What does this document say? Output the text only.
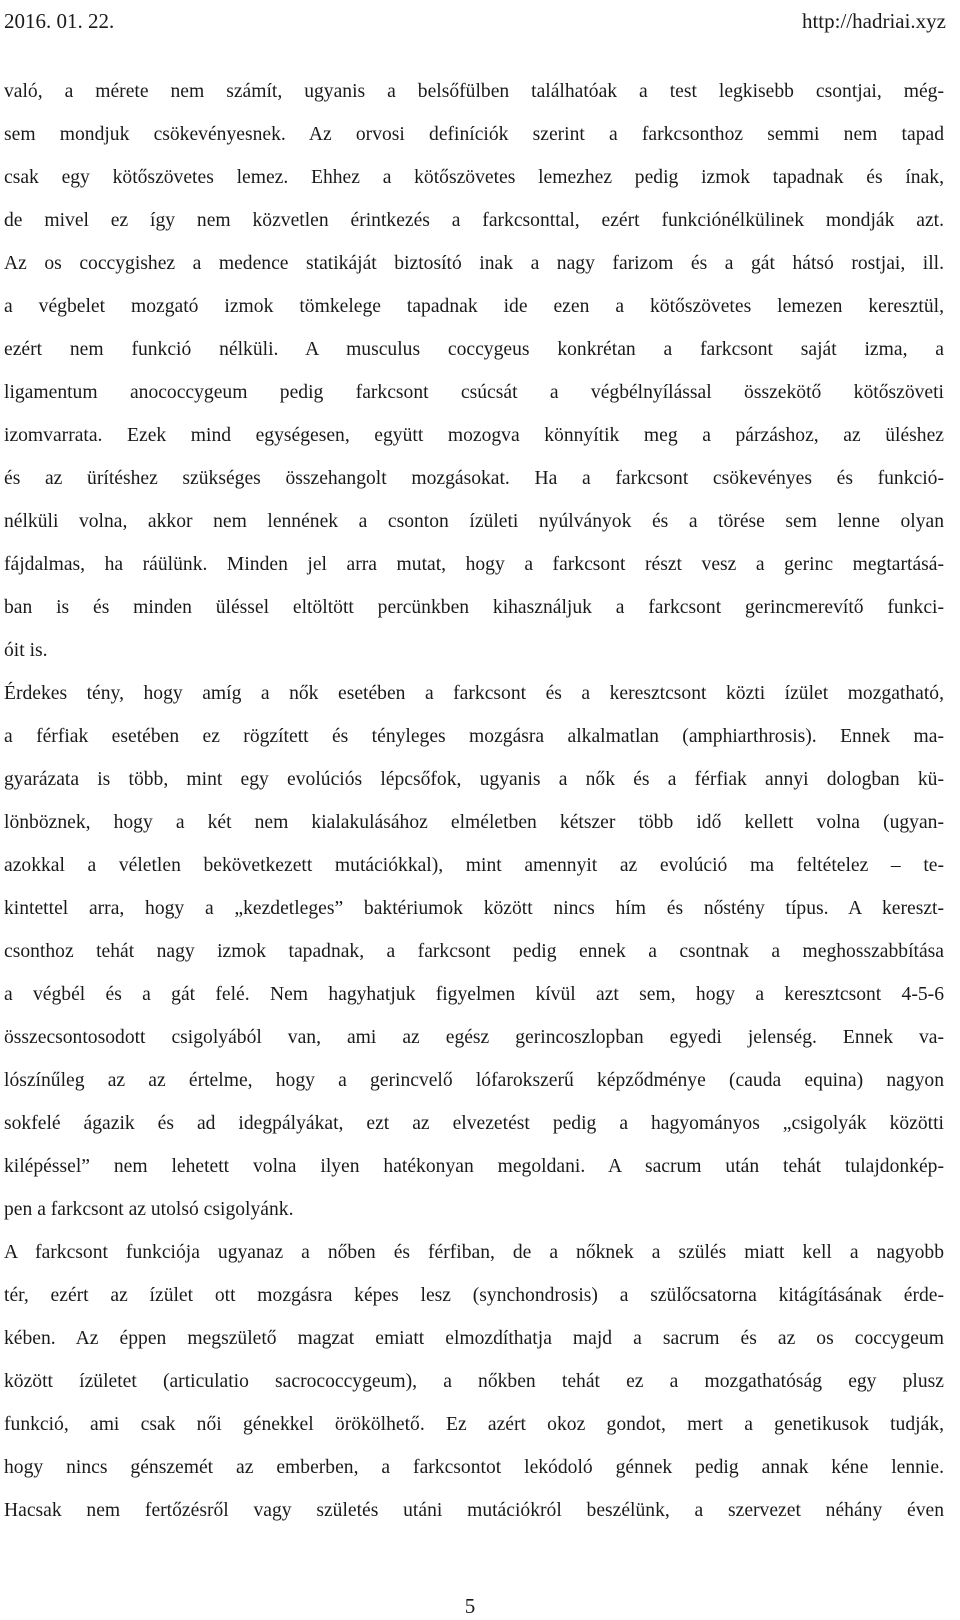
2016. 01. 22.	http://hadriai.xyz

való, a mérete nem számít, ugyanis a belsőfülben találhatóak a test legkisebb csontjai, még-
sem mondjuk csökevényesnek. Az orvosi definíciók szerint a farkcsonthoz semmi nem tapad
csak egy kötőszövetes lemez. Ehhez a kötőszövetes lemezhez pedig izmok tapadnak és ínak,
de mivel ez így nem közvetlen érintkezés a farkcsonttal, ezért funkciónélkülinek mondják azt.
Az os coccygishez a medence statikáját biztosító inak a nagy farizom és a gát hátsó rostjai, ill.
a végbelet mozgató izmok tömkelege tapadnak ide ezen a kötőszövetes lemezen keresztül,
ezért nem funkció nélküli. A musculus coccygeus konkrétan a farkcsont saját izma, a
ligamentum anococcygeum pedig farkcsont csúcsát a végbélnyílással összekötő kötőszöveti
izomvarrata. Ezek mind egységesen, együtt mozogva könnyítik meg a párzáshoz, az üléshez
és az ürítéshez szükséges összehangolt mozgásokat. Ha a farkcsont csökevényes és funkció-
nélküli volna, akkor nem lennének a csonton ízületi nyúlványok és a törése sem lenne olyan
fájdalmas, ha ráülünk. Minden jel arra mutat, hogy a farkcsont részt vesz a gerinc megtartásá-
ban is és minden üléssel eltöltött percünkben kihasználjuk a farkcsont gerincmerevítő funkci-
óit is.

Érdekes tény, hogy amíg a nők esetében a farkcsont és a keresztcsont közti ízület mozgatható,
a férfiak esetében ez rögzített és tényleges mozgásra alkalmatlan (amphiarthrosis). Ennek ma-
gyarázata is több, mint egy evolúciós lépcsőfok, ugyanis a nők és a férfiak annyi dologban kü-
lönböznek, hogy a két nem kialakulásához elméletben kétszer több idő kellett volna (ugyan-
azokkal a véletlen bekövetkezett mutációkkal), mint amennyit az evolúció ma feltételez – te-
kintettel arra, hogy a „kezdetleges” baktériumok között nincs hím és nőstény típus. A kereszt-
csonthoz tehát nagy izmok tapadnak, a farkcsont pedig ennek a csontnak a meghosszabbítása
a végbél és a gát felé. Nem hagyhatjuk figyelmen kívül azt sem, hogy a keresztcsont 4-5-6
összecsontosodott csigolyából van, ami az egész gerincoszlopban egyedi jelenség. Ennek va-
lószínűleg az az értelme, hogy a gerincvelő lófarokszerű képződménye (cauda equina) nagyon
sokfelé ágazik és ad idegpályákat, ezt az elvezetést pedig a hagyományos „csigolyák közötti
kilépéssel” nem lehetett volna ilyen hatékonyan megoldani. A sacrum után tehát tulajdonkép-
pen a farkcsont az utolsó csigolyánk.

A farkcsont funkciója ugyanaz a nőben és férfiban, de a nőknek a szülés miatt kell a nagyobb
tér, ezért az ízület ott mozgásra képes lesz (synchondrosis) a szülőcsatorna kitágításának érde-
kében. Az éppen megszülető magzat emiatt elmozdíthatja majd a sacrum és az os coccygeum
között ízületet (articulatio sacrococcygeum), a nőkben tehát ez a mozgathatóság egy plusz
funkció, ami csak női génekkel örökölhető. Ez azért okoz gondot, mert a genetikusok tudják,
hogy nincs génszemét az emberben, a farkcsontot lekódoló génnek pedig annak kéne lennie.
Hacsak nem fertőzésről vagy születés utáni mutációkról beszélünk, a szervezet néhány éven

5
